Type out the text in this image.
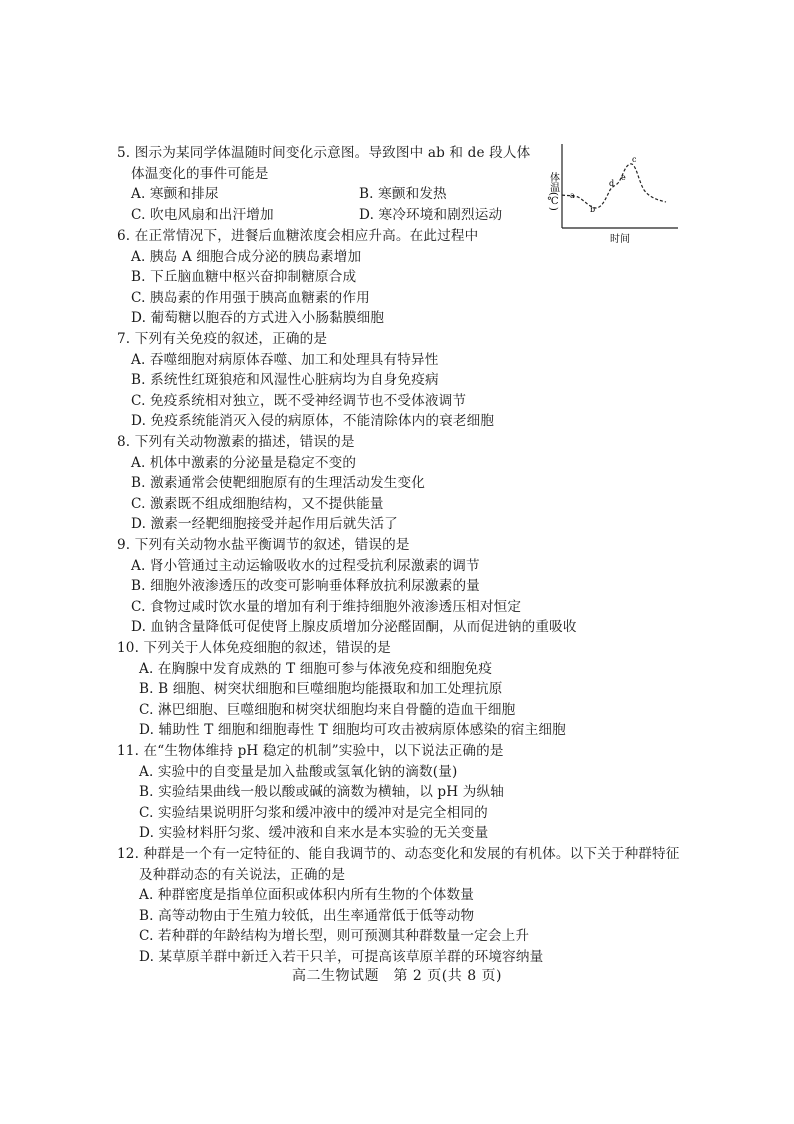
5. 图示为某同学体温随时间变化示意图。导致图中 ab 和 de 段人体
体温变化的事件可能是
A. 寒颤和排尿	B. 寒颤和发热
C. 吹电风扇和出汗增加	D. 寒冷环境和剧烈运动
体温(℃)
时间
a
b
c
d
e
6. 在正常情况下，进餐后血糖浓度会相应升高。在此过程中
A. 胰岛 A 细胞合成分泌的胰岛素增加
B. 下丘脑血糖中枢兴奋抑制糖原合成
C. 胰岛素的作用强于胰高血糖素的作用
D. 葡萄糖以胞吞的方式进入小肠黏膜细胞
7. 下列有关免疫的叙述，正确的是
A. 吞噬细胞对病原体吞噬、加工和处理具有特异性
B. 系统性红斑狼疮和风湿性心脏病均为自身免疫病
C. 免疫系统相对独立，既不受神经调节也不受体液调节
D. 免疫系统能消灭入侵的病原体，不能清除体内的衰老细胞
8. 下列有关动物激素的描述，错误的是
A. 机体中激素的分泌量是稳定不变的
B. 激素通常会使靶细胞原有的生理活动发生变化
C. 激素既不组成细胞结构，又不提供能量
D. 激素一经靶细胞接受并起作用后就失活了
9. 下列有关动物水盐平衡调节的叙述，错误的是
A. 肾小管通过主动运输吸收水的过程受抗利尿激素的调节
B. 细胞外液渗透压的改变可影响垂体释放抗利尿激素的量
C. 食物过咸时饮水量的增加有利于维持细胞外液渗透压相对恒定
D. 血钠含量降低可促使肾上腺皮质增加分泌醛固酮，从而促进钠的重吸收
10. 下列关于人体免疫细胞的叙述，错误的是
A. 在胸腺中发育成熟的 T 细胞可参与体液免疫和细胞免疫
B. B 细胞、树突状细胞和巨噬细胞均能摄取和加工处理抗原
C. 淋巴细胞、巨噬细胞和树突状细胞均来自骨髓的造血干细胞
D. 辅助性 T 细胞和细胞毒性 T 细胞均可攻击被病原体感染的宿主细胞
11. 在“生物体维持 pH 稳定的机制”实验中，以下说法正确的是
A. 实验中的自变量是加入盐酸或氢氧化钠的滴数(量)
B. 实验结果曲线一般以酸或碱的滴数为横轴，以 pH 为纵轴
C. 实验结果说明肝匀浆和缓冲液中的缓冲对是完全相同的
D. 实验材料肝匀浆、缓冲液和自来水是本实验的无关变量
12. 种群是一个有一定特征的、能自我调节的、动态变化和发展的有机体。以下关于种群特征
及种群动态的有关说法，正确的是
A. 种群密度是指单位面积或体积内所有生物的个体数量
B. 高等动物由于生殖力较低，出生率通常低于低等动物
C. 若种群的年龄结构为增长型，则可预测其种群数量一定会上升
D. 某草原羊群中新迁入若干只羊，可提高该草原羊群的环境容纳量
高二生物试题　第 2 页(共 8 页)
